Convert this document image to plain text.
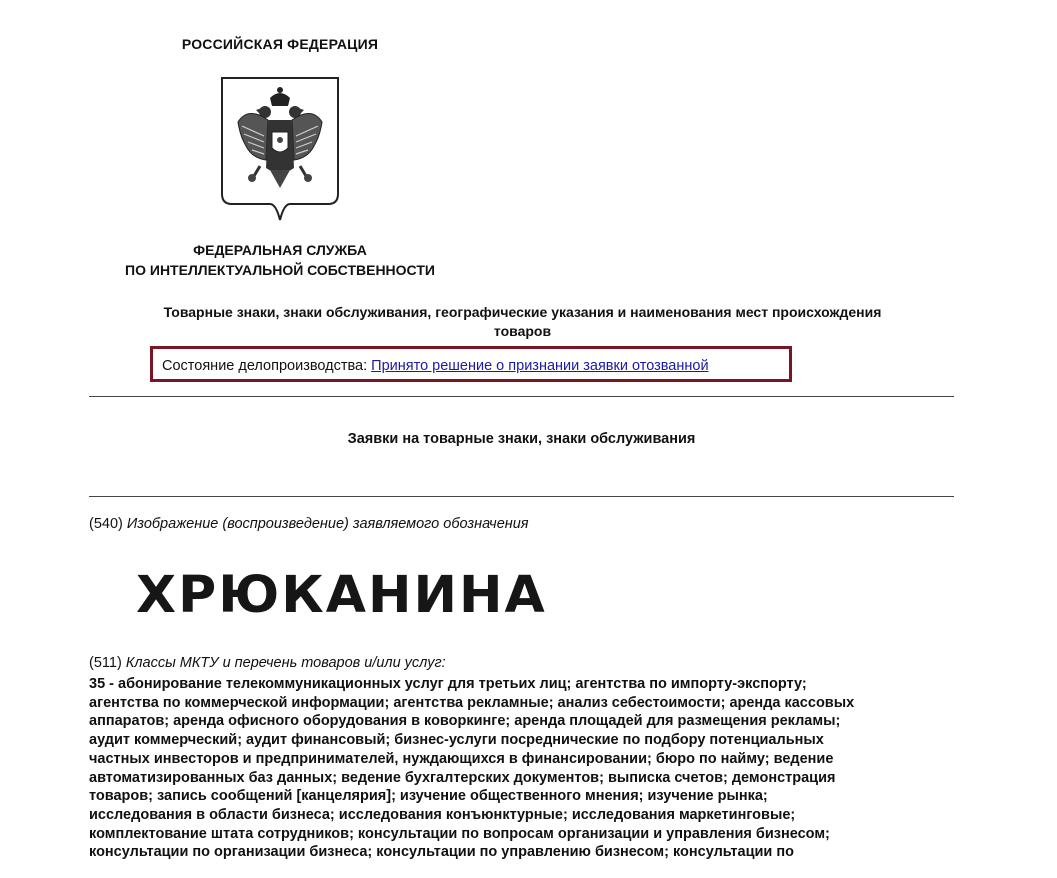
РОССИЙСКАЯ ФЕДЕРАЦИЯ
ФЕДЕРАЛЬНАЯ СЛУЖБА
ПО ИНТЕЛЛЕКТУАЛЬНОЙ СОБСТВЕННОСТИ
Товарные знаки, знаки обслуживания, географические указания и наименования мест происхождения
товаров
Состояние делопроизводства: Принято решение о признании заявки отозванной
Заявки на товарные знаки, знаки обслуживания
(540) Изображение (воспроизведение) заявляемого обозначения
ХРЮКАНИНА
(511) Классы МКТУ и перечень товаров и/или услуг:
35 - абонирование телекоммуникационных услуг для третьих лиц; агентства по импорту-экспорту;
агентства по коммерческой информации; агентства рекламные; анализ себестоимости; аренда кассовых
аппаратов; аренда офисного оборудования в коворкинге; аренда площадей для размещения рекламы;
аудит коммерческий; аудит финансовый; бизнес-услуги посреднические по подбору потенциальных
частных инвесторов и предпринимателей, нуждающихся в финансировании; бюро по найму; ведение
автоматизированных баз данных; ведение бухгалтерских документов; выписка счетов; демонстрация
товаров; запись сообщений [канцелярия]; изучение общественного мнения; изучение рынка;
исследования в области бизнеса; исследования конъюнктурные; исследования маркетинговые;
комплектование штата сотрудников; консультации по вопросам организации и управления бизнесом;
консультации по организации бизнеса; консультации по управлению бизнесом; консультации по
